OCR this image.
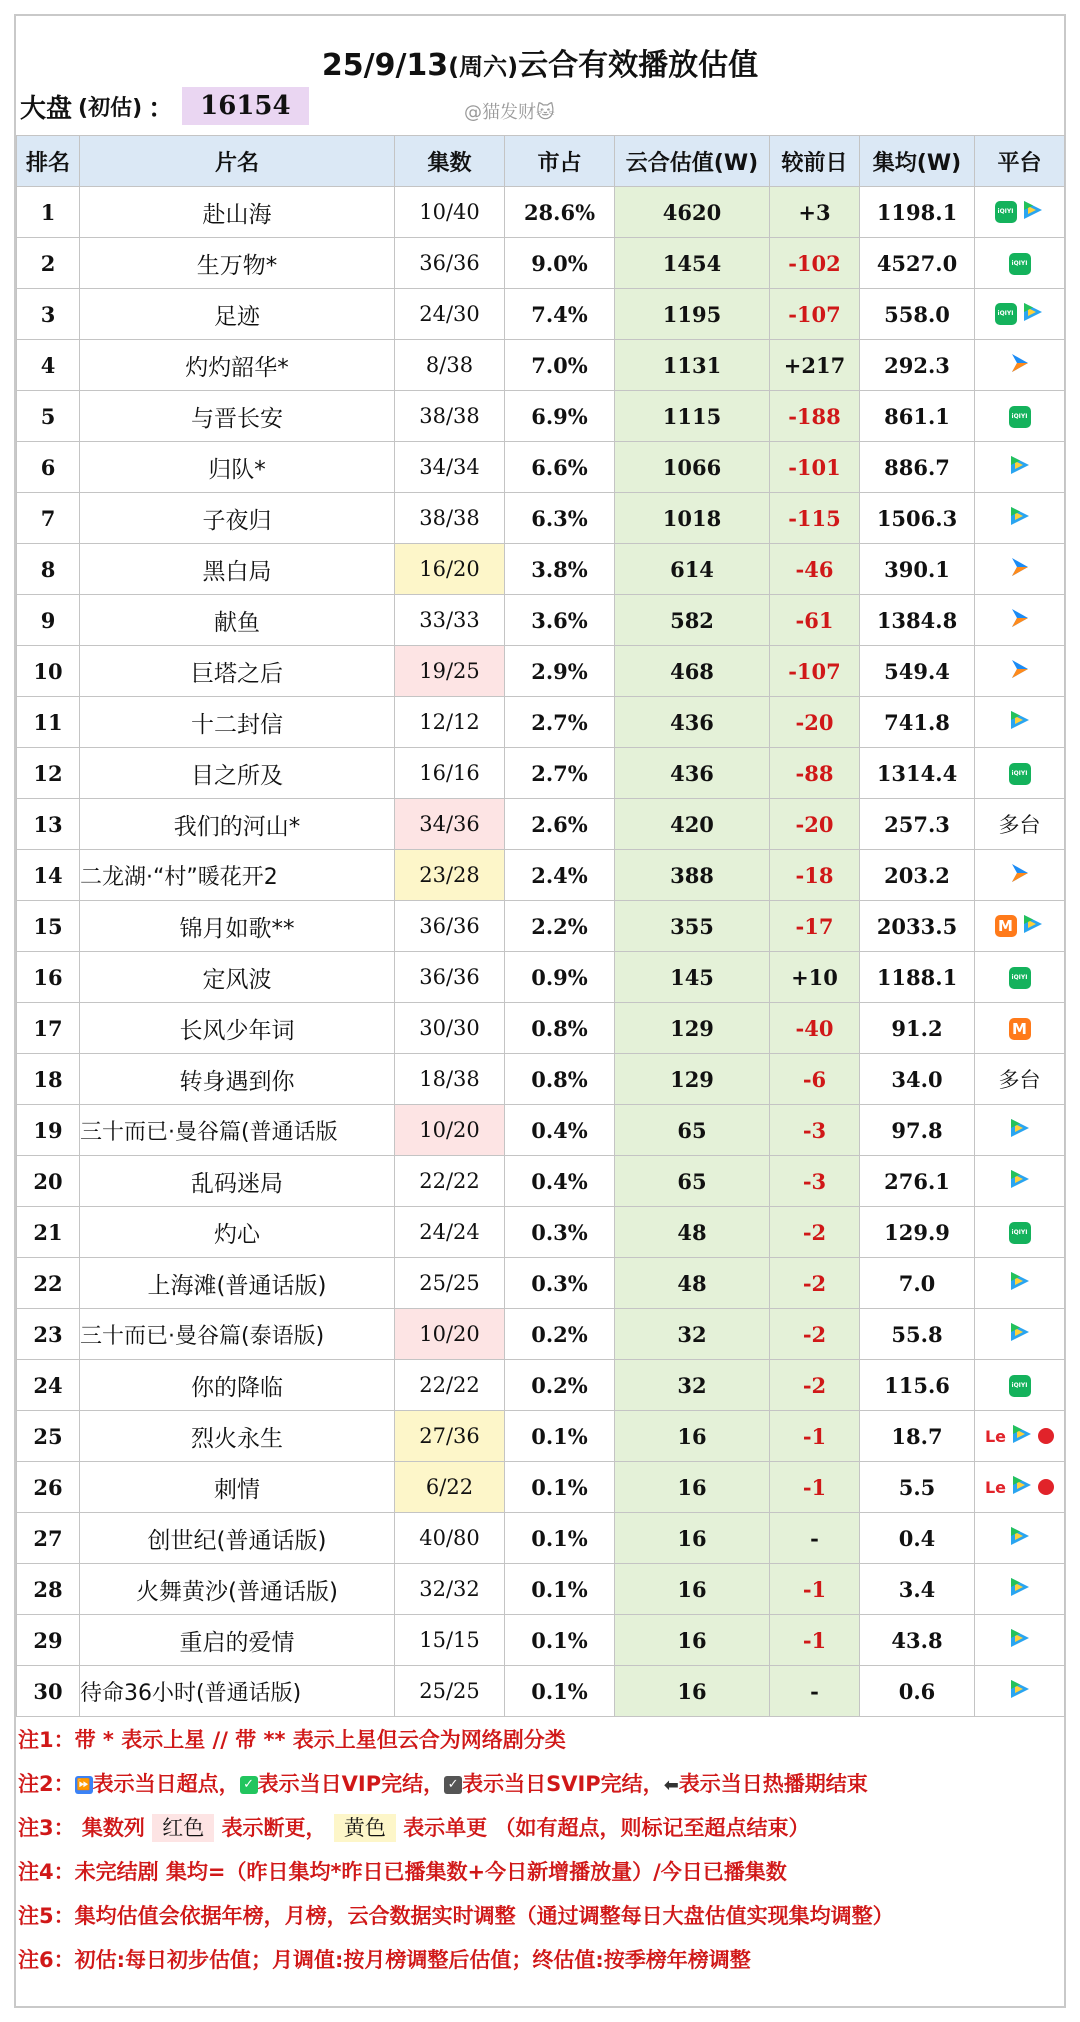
25/9/13(周六)云合有效播放估值
大盘 (初估) ：	16154	@猫发财🐱
排名	片名	集数	市占	云合估值(W)	较前日	集均(W)	平台
1	赴山海	10/40	28.6%	4620	+3	1198.1	iQIYI
2	生万物*	36/36	9.0%	1454	-102	4527.0	iQIYI
3	足迹	24/30	7.4%	1195	-107	558.0	iQIYI
4	灼灼韶华*	8/38	7.0%	1131	+217	292.3	
5	与晋长安	38/38	6.9%	1115	-188	861.1	iQIYI
6	归队*	34/34	6.6%	1066	-101	886.7	
7	子夜归	38/38	6.3%	1018	-115	1506.3	
8	黑白局	16/20	3.8%	614	-46	390.1	
9	献鱼	33/33	3.6%	582	-61	1384.8	
10	巨塔之后	19/25	2.9%	468	-107	549.4	
11	十二封信	12/12	2.7%	436	-20	741.8	
12	目之所及	16/16	2.7%	436	-88	1314.4	iQIYI
13	我们的河山*	34/36	2.6%	420	-20	257.3	多台
14	二龙湖·“村”暖花开2	23/28	2.4%	388	-18	203.2	
15	锦月如歌**	36/36	2.2%	355	-17	2033.5	M
16	定风波	36/36	0.9%	145	+10	1188.1	iQIYI
17	长风少年词	30/30	0.8%	129	-40	91.2	M
18	转身遇到你	18/38	0.8%	129	-6	34.0	多台
19	三十而已·曼谷篇(普通话版	10/20	0.4%	65	-3	97.8	
20	乱码迷局	22/22	0.4%	65	-3	276.1	
21	灼心	24/24	0.3%	48	-2	129.9	iQIYI
22	上海滩(普通话版)	25/25	0.3%	48	-2	7.0	
23	三十而已·曼谷篇(泰语版)	10/20	0.2%	32	-2	55.8	
24	你的降临	22/22	0.2%	32	-2	115.6	iQIYI
25	烈火永生	27/36	0.1%	16	-1	18.7	Le
26	刺情	6/22	0.1%	16	-1	5.5	Le
27	创世纪(普通话版)	40/80	0.1%	16	-	0.4	
28	火舞黄沙(普通话版)	32/32	0.1%	16	-1	3.4	
29	重启的爱情	15/15	0.1%	16	-1	43.8	
30	待命36小时(普通话版)	25/25	0.1%	16	-	0.6	
注1：带 * 表示上星 // 带 ** 表示上星但云合为网络剧分类
注2： ⏩ 表示当日超点， ✓ 表示当日VIP完结， ✓ 表示当日SVIP完结，⬅表示当日热播期结束
注3： 集数列 红色 表示断更， 黄色 表示单更 （如有超点，则标记至超点结束）
注4：未完结剧 集均=（昨日集均*昨日已播集数+今日新增播放量）/今日已播集数
注5：集均估值会依据年榜，月榜，云合数据实时调整（通过调整每日大盘估值实现集均调整）
注6：初估:每日初步估值；月调值:按月榜调整后估值；终估值:按季榜年榜调整
